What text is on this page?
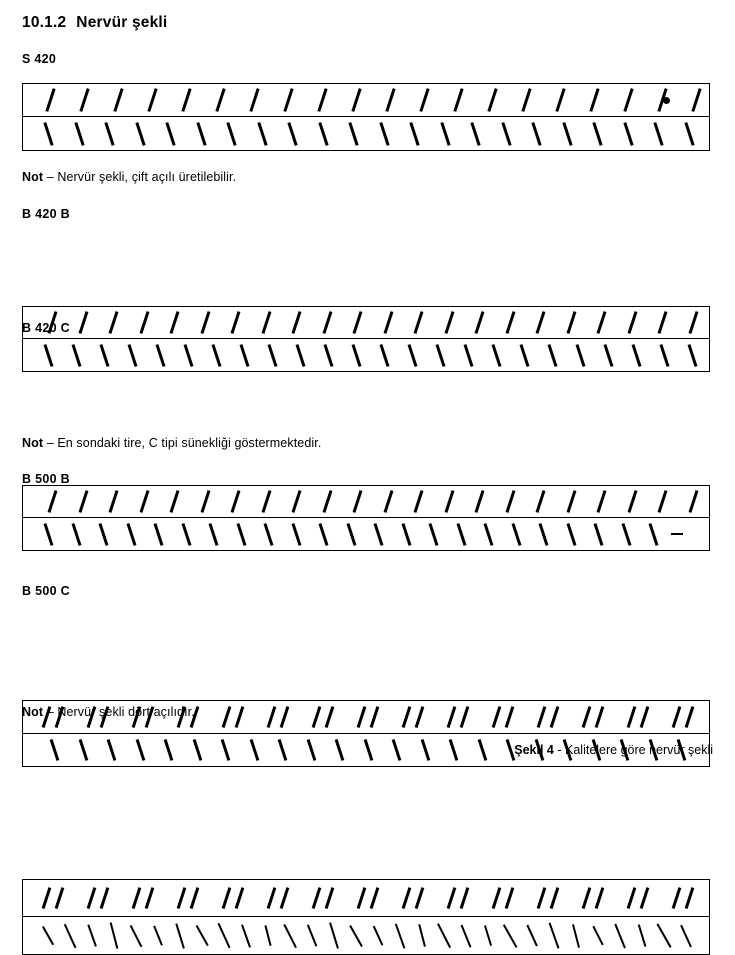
10.1.2 Nervür şekli
S 420
Not – Nervür şekli, çift açılı üretilebilir.
B 420 B
B 420 C
Not – En sondaki tire, C tipi sünekliği göstermektedir.
B 500 B
B 500 C
Not – Nervür şekli dört açılıdır.
Şekil 4 - Kalitelere göre nervür şekli
